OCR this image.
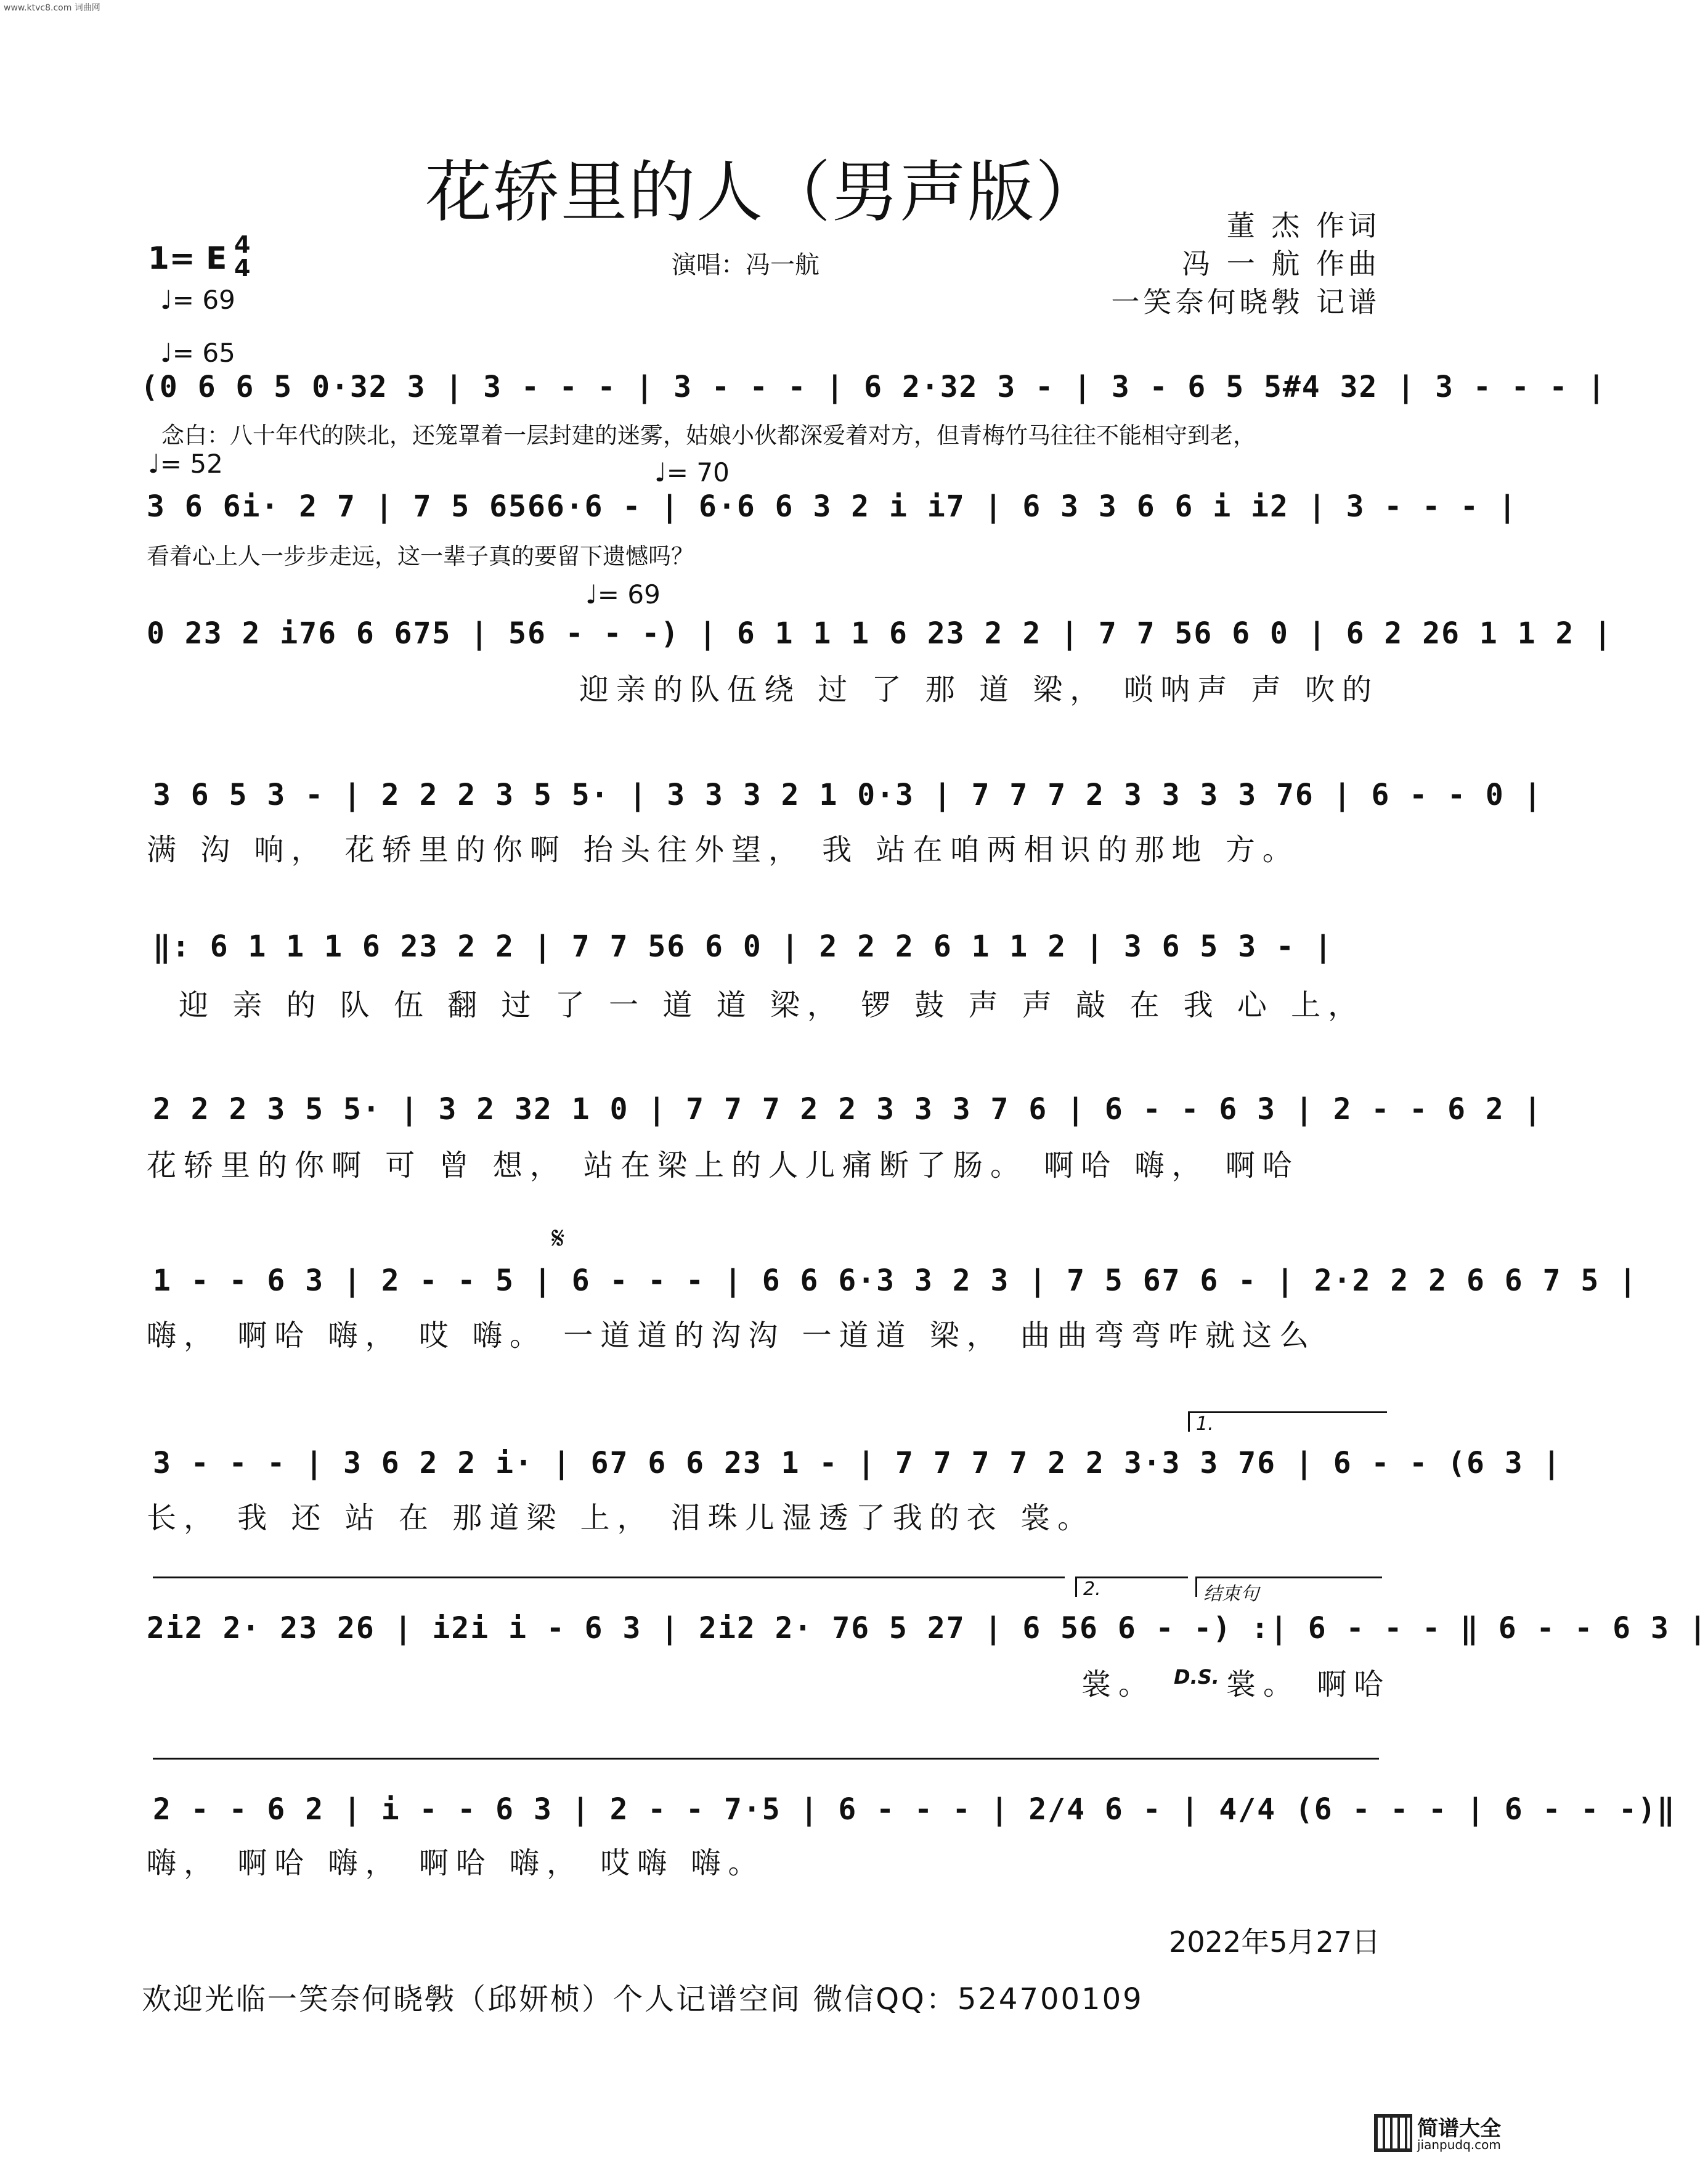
www.ktvc8.com 词曲网
花轿里的人（男声版）	董 杰 作词
冯 一 航 作曲
一笑奈何晓斅 记谱
1= E 4
4	演唱：冯一航
♩= 69
♩= 65
(0 6 6 5 0·32 3 | 3 - - - | 3 - - - | 6 2·32 3 - | 3 - 6 5 5#4 32 | 3 - - - |
念白：八十年代的陕北，还笼罩着一层封建的迷雾，姑娘小伙都深爱着对方，但青梅竹马往往不能相守到老，
♩= 52	♩= 70
3 6 6i· 2 7 | 7 5 6566·6 - | 6·6 6 3 2 i i7 | 6 3 3 6 6 i i2 | 3 - - - |
看着心上人一步步走远，这一辈子真的要留下遗憾吗？
♩= 69
0 23 2 i76 6 675 | 56 - - -) | 6 1 1 1 6 23 2 2 | 7 7 56 6 0 | 6 2 26 1 1 2 |
迎亲的队伍绕 过 了 那 道 梁， 唢呐声 声 吹的
3 6 5 3 - | 2 2 2 3 5 5· | 3 3 3 2 1 0·3 | 7 7 7 2 3 3 3 3 76 | 6 - - 0 |
满 沟 响， 花轿里的你啊 抬头往外望， 我 站在咱两相识的那地 方。
‖: 6 1 1 1 6 23 2 2 | 7 7 56 6 0 | 2 2 2 6 1 1 2 | 3 6 5 3 - |
迎 亲 的 队 伍 翻 过 了 一 道 道 梁， 锣 鼓 声 声 敲 在 我 心 上，
2 2 2 3 5 5· | 3 2 32 1 0 | 7 7 7 2 2 3 3 3 7 6 | 6 - - 6 3 | 2 - - 6 2 |
花轿里的你啊 可 曾 想， 站在梁上的人儿痛断了肠。 啊哈 嗨， 啊哈
𝄋
1 - - 6 3 | 2 - - 5 | 6 - - - | 6 6 6·3 3 2 3 | 7 5 67 6 - | 2·2 2 2 6 6 7 5 |
嗨， 啊哈 嗨， 哎 嗨。 一道道的沟沟 一道道 梁， 曲曲弯弯咋就这么
1.
3 - - - | 3 6 2 2 i· | 67 6 6 23 1 - | 7 7 7 7 2 2 3·3 3 76 | 6 - - (6 3 |
长， 我 还 站 在 那道梁 上， 泪珠儿湿透了我的衣 裳。
2.	结束句
2i2 2· 23 26 | i2i i - 6 3 | 2i2 2· 76 5 27 | 6 56 6 - -) :| 6 - - - ‖ 6 - - 6 3 |
裳。 D.S. 裳。 啊哈
2 - - 6 2 | i - - 6 3 | 2 - - 7·5 | 6 - - - | 2/4 6 - | 4/4 (6 - - - | 6 - - -)‖
嗨， 啊哈 嗨， 啊哈 嗨， 哎嗨 嗨。
2022年5月27日
欢迎光临一笑奈何晓斅（邱妍桢）个人记谱空间 微信QQ：524700109
简谱大全
jianpudq.com
